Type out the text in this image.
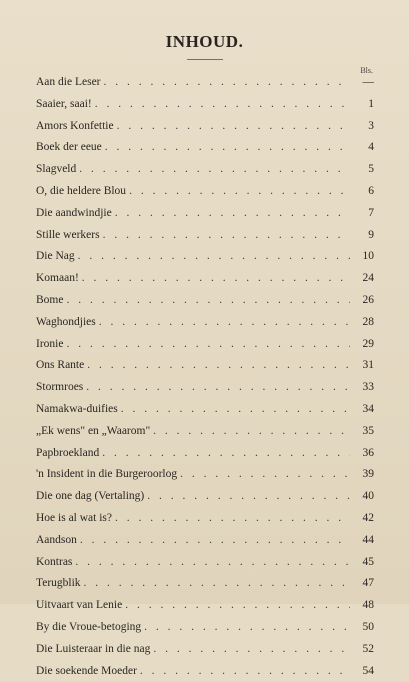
INHOUD.
Bls.
Aan die Leser . . .	—
Saaier, saai! . . .	1
Amors Konfettie . . .	3
Boek der eeue . . .	4
Slagveld . . .	5
O, die heldere Blou . . .	6
Die aandwindjie . . .	7
Stille werkers . . .	9
Die Nag . . .	10
Komaan! . . .	24
Bome . . .	26
Waghondjies . . .	28
Ironie . . .	29
Ons Rante . . .	31
Stormroes . . .	33
Namakwa-duifies . . .	34
„Ek wens" en „Waarom" . . .	35
Papbroekland . . .	36
'n Insident in die Burgeroorlog . . .	39
Die one dag (Vertaling) . . .	40
Hoe is al wat is? . . .	42
Aandson . . .	44
Kontras . . .	45
Terugblik . . .	47
Uitvaart van Lenie . . .	48
By die Vroue-betoging . . .	50
Die Luisteraar in die nag . . .	52
Die soekende Moeder . . .	54
